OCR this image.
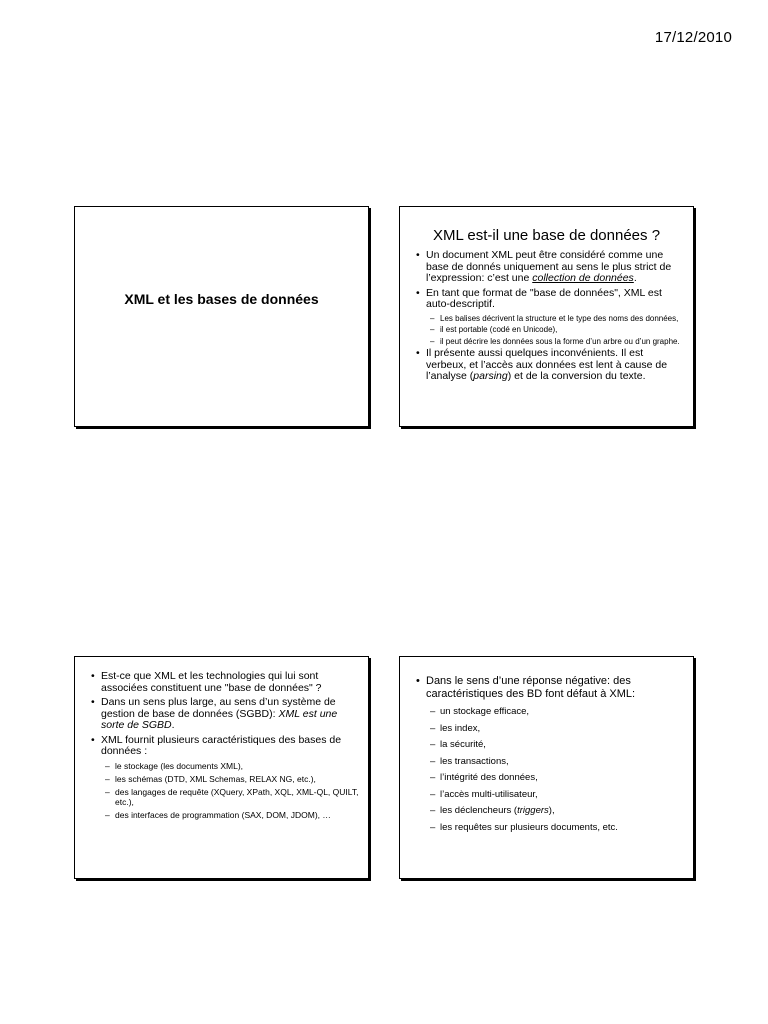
17/12/2010
XML et les bases de données
XML est-il une base de données ?
• Un document XML peut être considéré comme une base de donnés uniquement au sens le plus strict de l’expression: c’est une collection de données.
• En tant que format de "base de données", XML est auto-descriptif.
– Les balises décrivent la structure et le type des noms des données,
– il est portable (codé en Unicode),
– il peut décrire les données sous la forme d’un arbre ou d’un graphe.
• Il présente aussi quelques inconvénients. Il est verbeux, et l’accès aux données est lent à cause de l’analyse (parsing) et de la conversion du texte.
• Est-ce que XML et les technologies qui lui sont associées constituent une "base de données" ?
• Dans un sens plus large, au sens d’un système de gestion de base de données (SGBD): XML est une sorte de SGBD.
• XML fournit plusieurs caractéristiques des bases de données :
– le stockage (les documents XML),
– les schémas (DTD, XML Schemas, RELAX NG, etc.),
– des langages de requête (XQuery, XPath, XQL, XML-QL, QUILT, etc.),
– des interfaces de programmation (SAX, DOM, JDOM), …
• Dans le sens d’une réponse négative: des caractéristiques des BD font défaut à XML:
– un stockage efficace,
– les index,
– la sécurité,
– les transactions,
– l’intégrité des données,
– l’accès multi-utilisateur,
– les déclencheurs (triggers),
– les requêtes sur plusieurs documents, etc.
